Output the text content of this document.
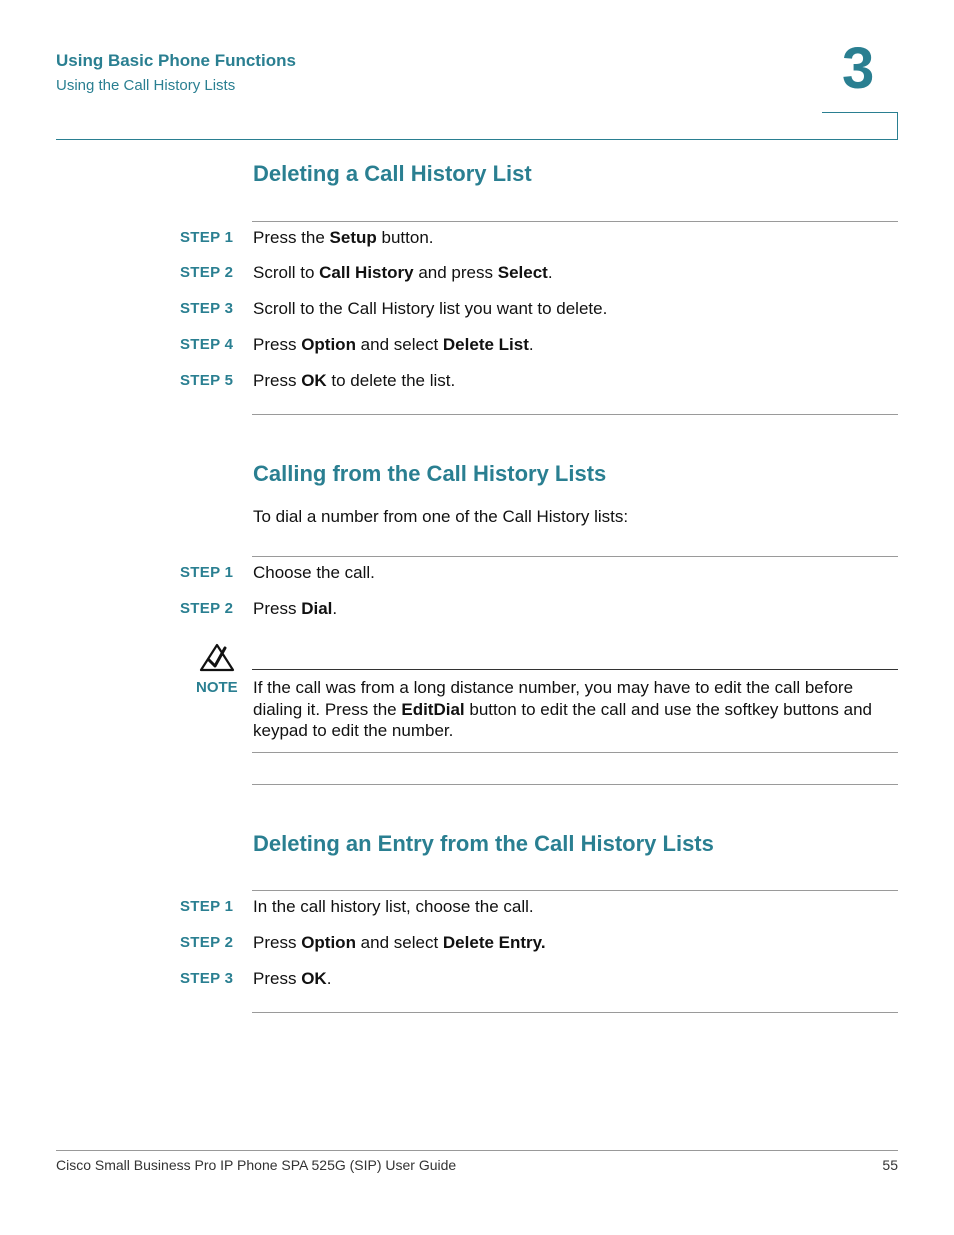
Using Basic Phone Functions
Using the Call History Lists	3
Deleting a Call History List
STEP 1 Press the Setup button.
STEP 2 Scroll to Call History and press Select.
STEP 3 Scroll to the Call History list you want to delete.
STEP 4 Press Option and select Delete List.
STEP 5 Press OK to delete the list.
Calling from the Call History Lists
To dial a number from one of the Call History lists:
STEP 1 Choose the call.
STEP 2 Press Dial.
NOTE If the call was from a long distance number, you may have to edit the call before dialing it. Press the EditDial button to edit the call and use the softkey buttons and keypad to edit the number.
Deleting an Entry from the Call History Lists
STEP 1 In the call history list, choose the call.
STEP 2 Press Option and select Delete Entry.
STEP 3 Press OK.
Cisco Small Business Pro IP Phone SPA 525G (SIP) User Guide	55
